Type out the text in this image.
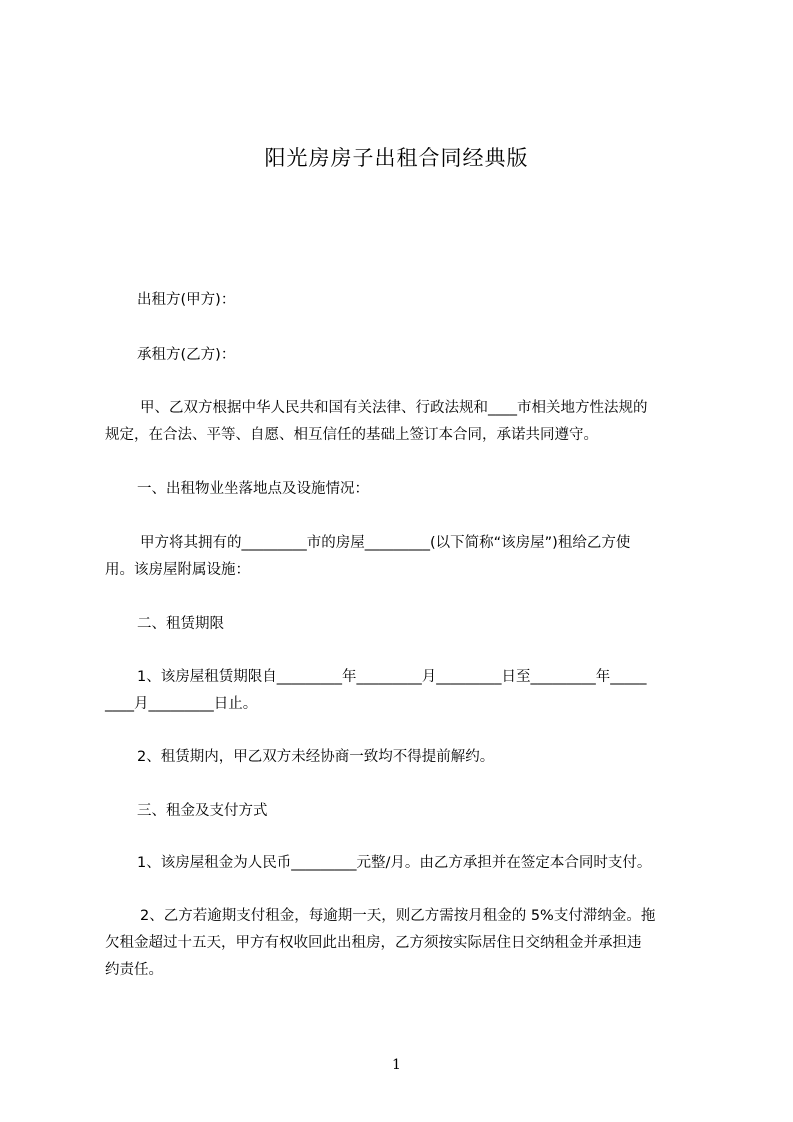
阳光房房子出租合同经典版
出租方(甲方)：
承租方(乙方)：
甲、乙双方根据中华人民共和国有关法律、行政法规和____市相关地方性法规的
规定，在合法、平等、自愿、相互信任的基础上签订本合同，承诺共同遵守。
一、出租物业坐落地点及设施情况：
甲方将其拥有的_________市的房屋_________(以下简称“该房屋”)租给乙方使
用。该房屋附属设施：
二、租赁期限
1、该房屋租赁期限自_________年_________月_________日至_________年_____
____月_________日止。
2、租赁期内，甲乙双方未经协商一致均不得提前解约。
三、租金及支付方式
1、该房屋租金为人民币_________元整/月。由乙方承担并在签定本合同时支付。
2、乙方若逾期支付租金，每逾期一天，则乙方需按月租金的 5%支付滞纳金。拖
欠租金超过十五天，甲方有权收回此出租房，乙方须按实际居住日交纳租金并承担违
约责任。
1
